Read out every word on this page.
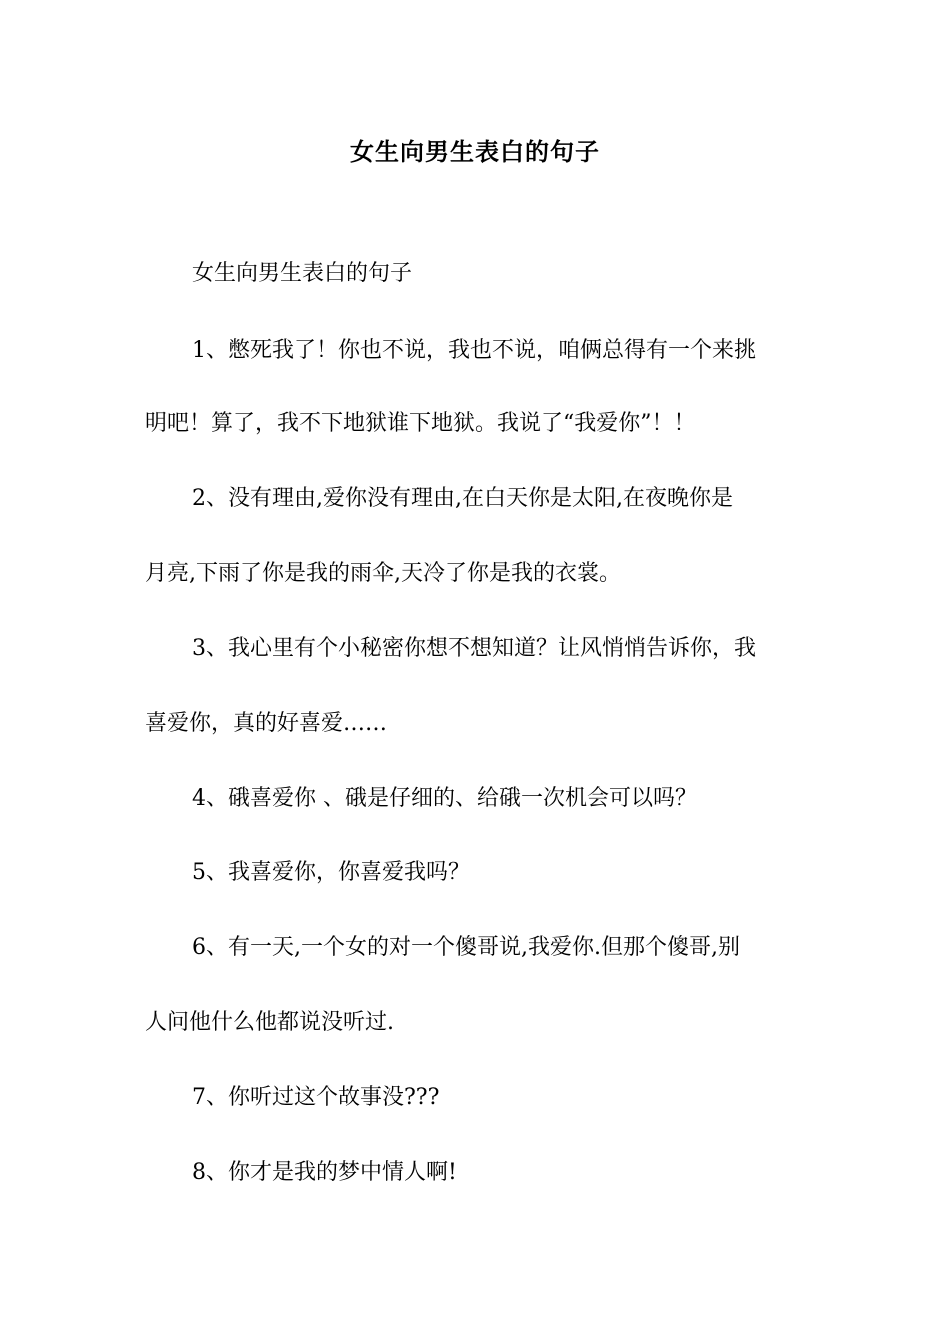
女生向男生表白的句子
女生向男生表白的句子
1、憋死我了！你也不说，我也不说，咱俩总得有一个来挑
明吧！算了，我不下地狱谁下地狱。我说了“我爱你”！！
2、没有理由,爱你没有理由,在白天你是太阳,在夜晚你是
月亮,下雨了你是我的雨伞,天冷了你是我的衣裳。
3、我心里有个小秘密你想不想知道？让风悄悄告诉你，我
喜爱你，真的好喜爱……
4、硪喜爱你 、硪是仔细的、给硪一次机会可以吗？
5、我喜爱你，你喜爱我吗？
6、有一天,一个女的对一个傻哥说,我爱你.但那个傻哥,别
人问他什么他都说没听过.
7、你听过这个故事没???
8、你才是我的梦中情人啊!
